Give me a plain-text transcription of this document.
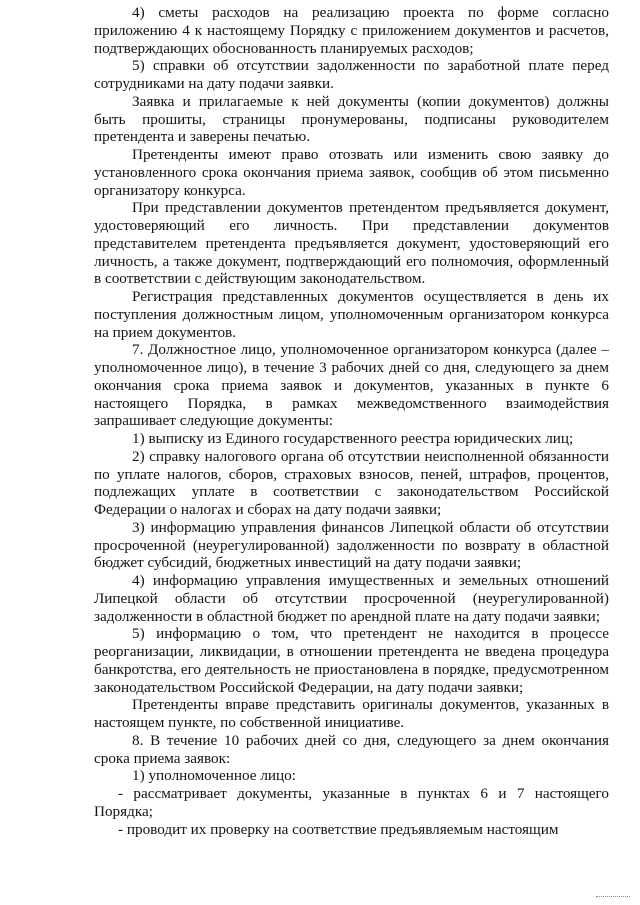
4) сметы расходов на реализацию проекта по форме согласно приложению 4 к настоящему Порядку с приложением документов и расчетов, подтверждающих обоснованность планируемых расходов;

5) справки об отсутствии задолженности по заработной плате перед сотрудниками на дату подачи заявки.

Заявка и прилагаемые к ней документы (копии документов) должны быть прошиты, страницы пронумерованы, подписаны руководителем претендента и заверены печатью.

Претенденты имеют право отозвать или изменить свою заявку до установленного срока окончания приема заявок, сообщив об этом письменно организатору конкурса.

При представлении документов претендентом предъявляется документ, удостоверяющий его личность. При представлении документов представителем претендента предъявляется документ, удостоверяющий его личность, а также документ, подтверждающий его полномочия, оформленный в соответствии с действующим законодательством.

Регистрация представленных документов осуществляется в день их поступления должностным лицом, уполномоченным организатором конкурса на прием документов.

7. Должностное лицо, уполномоченное организатором конкурса (далее – уполномоченное лицо), в течение 3 рабочих дней со дня, следующего за днем окончания срока приема заявок и документов, указанных в пункте 6 настоящего Порядка, в рамках межведомственного взаимодействия запрашивает следующие документы:

1) выписку из Единого государственного реестра юридических лиц;

2) справку налогового органа об отсутствии неисполненной обязанности по уплате налогов, сборов, страховых взносов, пеней, штрафов, процентов, подлежащих уплате в соответствии с законодательством Российской Федерации о налогах и сборах на дату подачи заявки;

3) информацию управления финансов Липецкой области об отсутствии просроченной (неурегулированной) задолженности по возврату в областной бюджет субсидий, бюджетных инвестиций на дату подачи заявки;

4) информацию управления имущественных и земельных отношений Липецкой области об отсутствии просроченной (неурегулированной) задолженности в областной бюджет по арендной плате на дату подачи заявки;

5) информацию о том, что претендент не находится в процессе реорганизации, ликвидации, в отношении претендента не введена процедура банкротства, его деятельность не приостановлена в порядке, предусмотренном законодательством Российской Федерации, на дату подачи заявки;

Претенденты вправе представить оригиналы документов, указанных в настоящем пункте, по собственной инициативе.

8. В течение 10 рабочих дней со дня, следующего за днем окончания срока приема заявок:

1) уполномоченное лицо:

- рассматривает документы, указанные в пунктах 6 и 7 настоящего Порядка;

- проводит их проверку на соответствие предъявляемым настоящим
